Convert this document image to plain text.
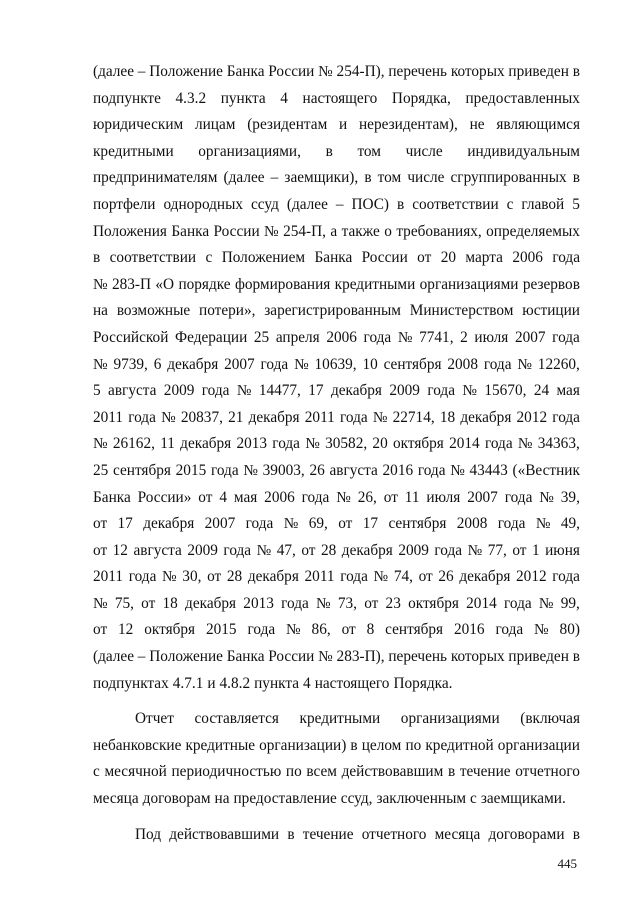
(далее – Положение Банка России № 254-П), перечень которых приведен в
подпункте 4.3.2 пункта 4 настоящего Порядка, предоставленных
юридическим лицам (резидентам и нерезидентам), не являющимся
кредитными организациями, в том числе индивидуальным
предпринимателям (далее – заемщики), в том числе сгруппированных в
портфели однородных ссуд (далее – ПОС) в соответствии с главой 5
Положения Банка России № 254-П, а также о требованиях, определяемых
в соответствии с Положением Банка России от 20 марта 2006 года
№ 283-П «О порядке формирования кредитными организациями резервов
на возможные потери», зарегистрированным Министерством юстиции
Российской Федерации 25 апреля 2006 года № 7741, 2 июля 2007 года
№ 9739, 6 декабря 2007 года № 10639, 10 сентября 2008 года № 12260,
5 августа 2009 года № 14477, 17 декабря 2009 года № 15670, 24 мая
2011 года № 20837, 21 декабря 2011 года № 22714, 18 декабря 2012 года
№ 26162, 11 декабря 2013 года № 30582, 20 октября 2014 года № 34363,
25 сентября 2015 года № 39003, 26 августа 2016 года № 43443 («Вестник
Банка России» от 4 мая 2006 года № 26, от 11 июля 2007 года № 39,
от 17 декабря 2007 года № 69, от 17 сентября 2008 года № 49,
от 12 августа 2009 года № 47, от 28 декабря 2009 года № 77, от 1 июня
2011 года № 30, от 28 декабря 2011 года № 74, от 26 декабря 2012 года
№ 75, от 18 декабря 2013 года № 73, от 23 октября 2014 года № 99,
от 12 октября 2015 года № 86, от 8 сентября 2016 года № 80)
(далее – Положение Банка России № 283-П), перечень которых приведен в
подпунктах 4.7.1 и 4.8.2 пункта 4 настоящего Порядка.
Отчет составляется кредитными организациями (включая
небанковские кредитные организации) в целом по кредитной организации
с месячной периодичностью по всем действовавшим в течение отчетного
месяца договорам на предоставление ссуд, заключенным с заемщиками.
Под действовавшими в течение отчетного месяца договорами в
445
